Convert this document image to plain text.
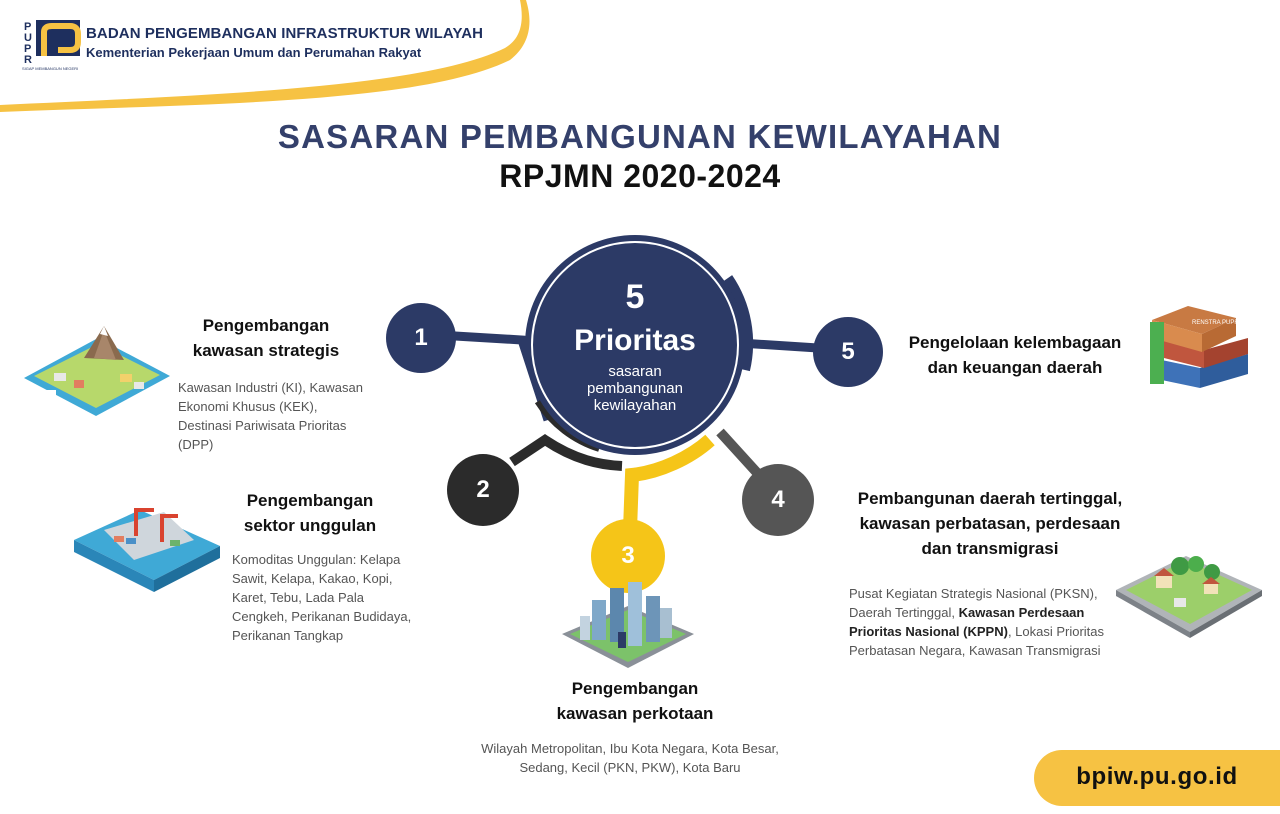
P
U
P
R
SIGAP MEMBANGUN NEGERI
BADAN PENGEMBANGAN INFRASTRUKTUR WILAYAH
Kementerian Pekerjaan Umum dan Perumahan Rakyat
SASARAN PEMBANGUNAN KEWILAYAHAN
RPJMN 2020-2024
5
Prioritas
sasaran
pembangunan
kewilayahan
1
2
3
4
5
Pengembangan
kawasan strategis
Kawasan Industri (KI), Kawasan
Ekonomi Khusus (KEK),
Destinasi Pariwisata Prioritas
(DPP)
Pengembangan
sektor unggulan
Komoditas Unggulan: Kelapa
Sawit, Kelapa, Kakao, Kopi,
Karet, Tebu, Lada Pala
Cengkeh, Perikanan Budidaya,
Perikanan Tangkap
Pengembangan
kawasan perkotaan
Wilayah Metropolitan, Ibu Kota Negara, Kota Besar,
Sedang, Kecil (PKN, PKW), Kota Baru
Pembangunan daerah tertinggal,
kawasan perbatasan, perdesaan
dan transmigrasi
Pusat Kegiatan Strategis Nasional (PKSN),
Daerah Tertinggal, Kawasan Perdesaan
Prioritas Nasional (KPPN), Lokasi Prioritas
Perbatasan Negara, Kawasan Transmigrasi
Pengelolaan kelembagaan
dan keuangan daerah
RENSTRA PUPR
bpiw.pu.go.id
